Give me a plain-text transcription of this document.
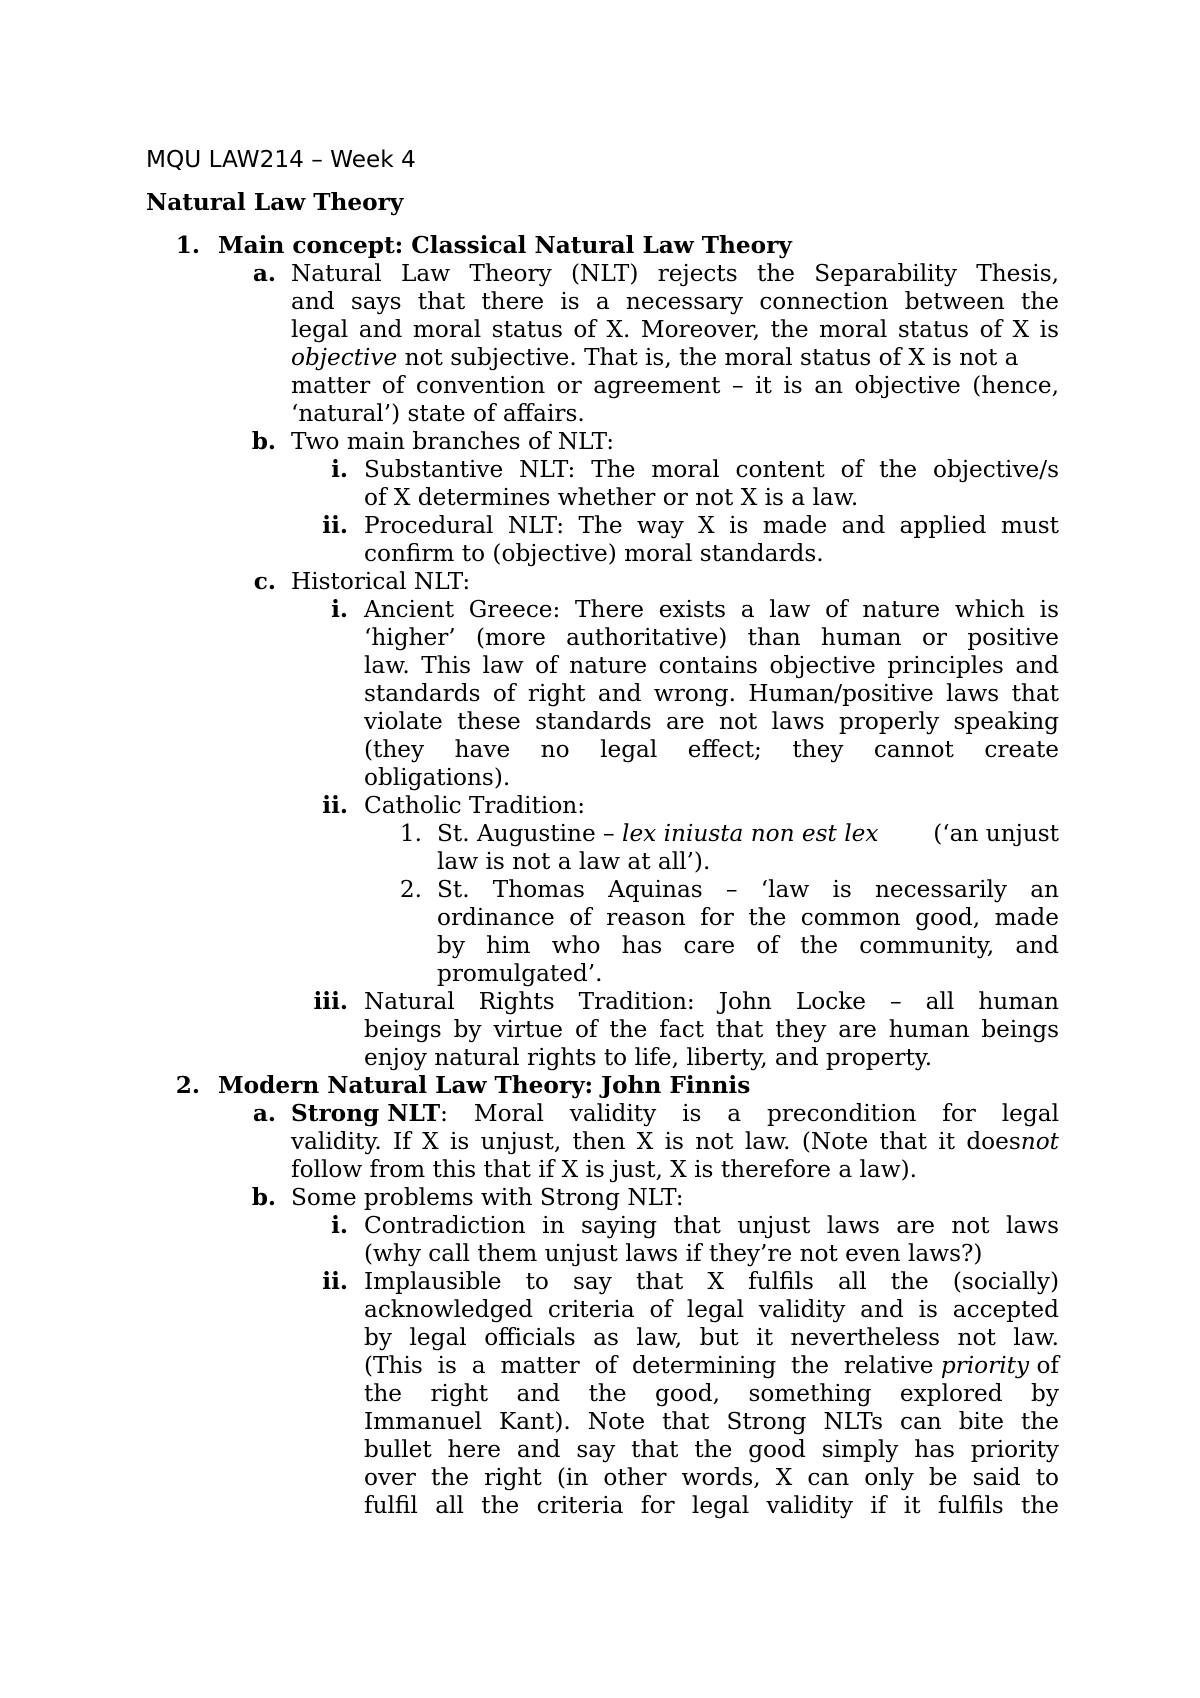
MQU LAW214 – Week 4
Natural Law Theory
1. Main concept: Classical Natural Law Theory
a. Natural Law Theory (NLT) rejects the Separability Thesis,
and says that there is a necessary connection between the
legal and moral status of X. Moreover, the moral status of X is
objective not subjective. That is, the moral status of X is not a
matter of convention or agreement – it is an objective (hence,
‘natural’) state of affairs.
b. Two main branches of NLT:
i. Substantive NLT: The moral content of the objective/s
of X determines whether or not X is a law.
ii. Procedural NLT: The way X is made and applied must
confirm to (objective) moral standards.
c. Historical NLT:
i. Ancient Greece: There exists a law of nature which is
‘higher’ (more authoritative) than human or positive
law. This law of nature contains objective principles and
standards of right and wrong. Human/positive laws that
violate these standards are not laws properly speaking
(they have no legal effect; they cannot create
obligations).
ii. Catholic Tradition:
1. St. Augustine – lex iniusta non est lex (‘an unjust
law is not a law at all’).
2. St. Thomas Aquinas – ‘law is necessarily an
ordinance of reason for the common good, made
by him who has care of the community, and
promulgated’.
iii. Natural Rights Tradition: John Locke – all human
beings by virtue of the fact that they are human beings
enjoy natural rights to life, liberty, and property.
2. Modern Natural Law Theory: John Finnis
a. Strong NLT : Moral validity is a precondition for legal
validity. If X is unjust, then X is not law. (Note that it does not
follow from this that if X is just, X is therefore a law).
b. Some problems with Strong NLT:
i. Contradiction in saying that unjust laws are not laws
(why call them unjust laws if they’re not even laws?)
ii. Implausible to say that X fulfils all the (socially)
acknowledged criteria of legal validity and is accepted
by legal officials as law, but it nevertheless not law.
(This is a matter of determining the relative priority of
the right and the good, something explored by
Immanuel Kant). Note that Strong NLTs can bite the
bullet here and say that the good simply has priority
over the right (in other words, X can only be said to
fulfil all the criteria for legal validity if it fulfils the
